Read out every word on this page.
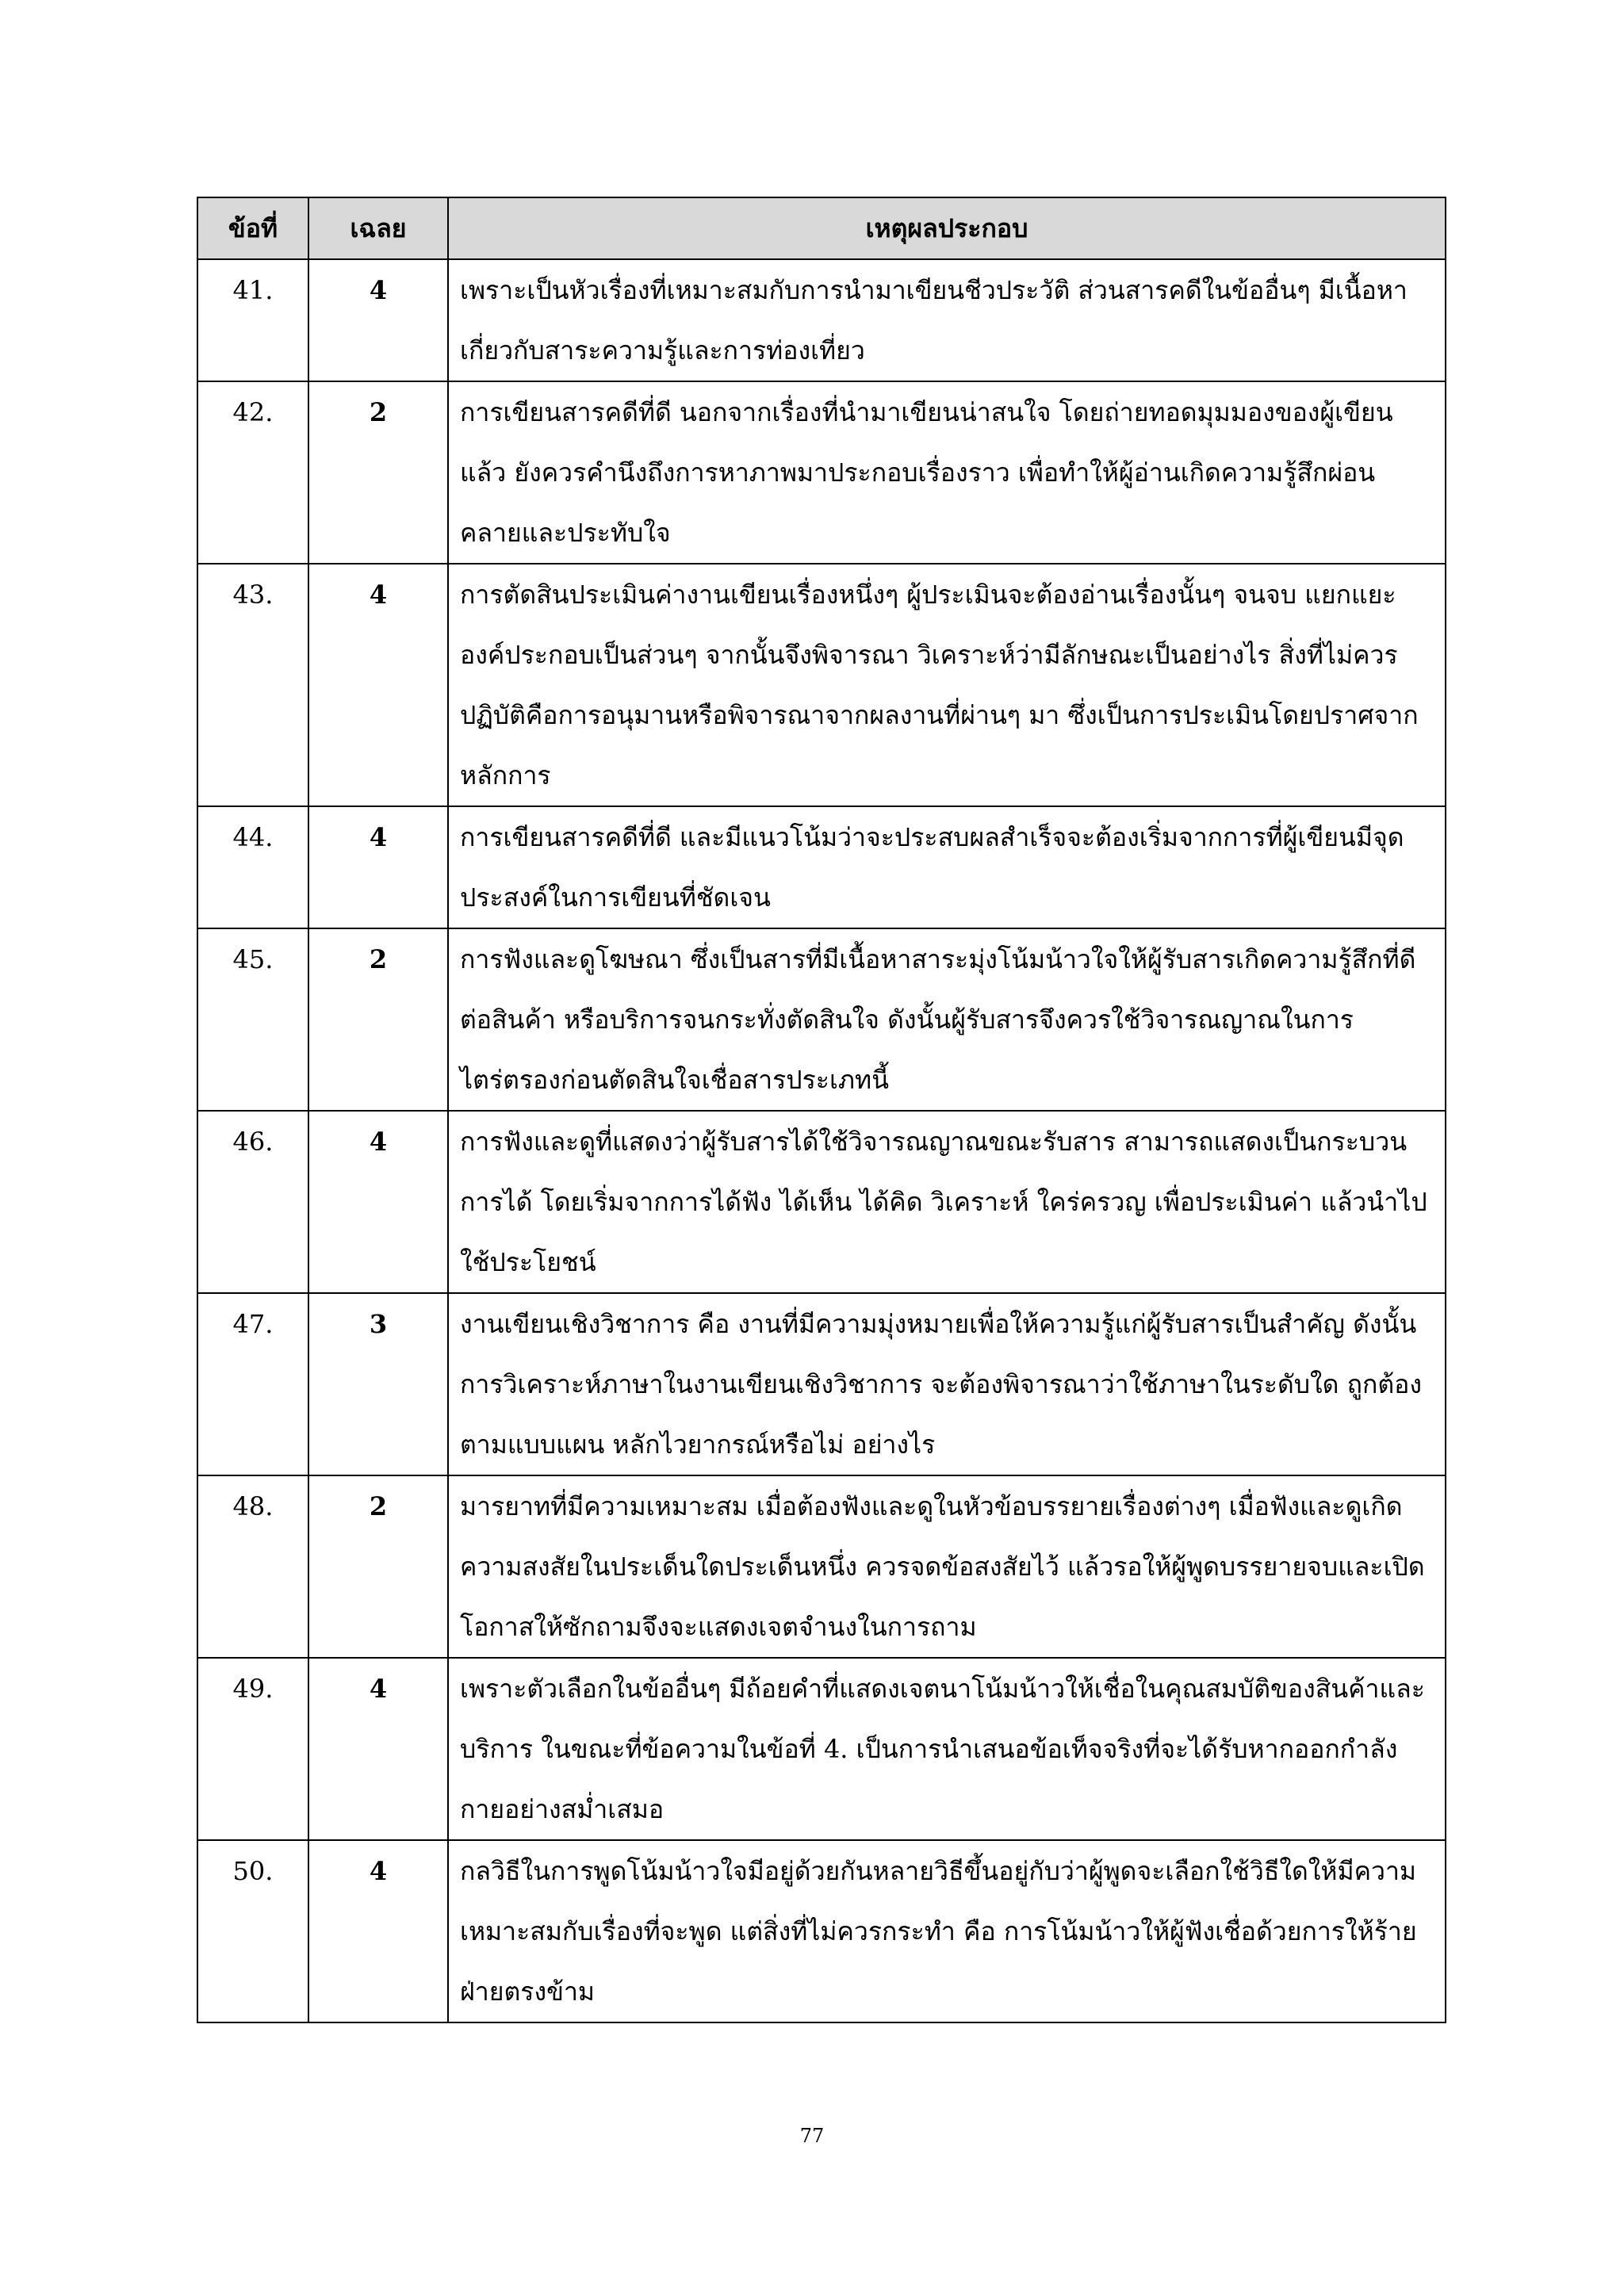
ข้อที่	เฉลย	เหตุผลประกอบ
41.	4	เพราะเป็นหัวเรื่องที่เหมาะสมกับการนำมาเขียนชีวประวัติ ส่วนสารคดีในข้ออื่นๆ มีเนื้อหาเกี่ยวกับสาระความรู้และการท่องเที่ยว
42.	2	การเขียนสารคดีที่ดี นอกจากเรื่องที่นำมาเขียนน่าสนใจ โดยถ่ายทอดมุมมองของผู้เขียนแล้ว ยังควรคำนึงถึงการหาภาพมาประกอบเรื่องราว เพื่อทำให้ผู้อ่านเกิดความรู้สึกผ่อนคลายและประทับใจ
43.	4	การตัดสินประเมินค่างานเขียนเรื่องหนึ่งๆ ผู้ประเมินจะต้องอ่านเรื่องนั้นๆ จนจบ แยกแยะองค์ประกอบเป็นส่วนๆ จากนั้นจึงพิจารณา วิเคราะห์ว่ามีลักษณะเป็นอย่างไร สิ่งที่ไม่ควรปฏิบัติคือการอนุมานหรือพิจารณาจากผลงานที่ผ่านๆ มา ซึ่งเป็นการประเมินโดยปราศจากหลักการ
44.	4	การเขียนสารคดีที่ดี และมีแนวโน้มว่าจะประสบผลสำเร็จจะต้องเริ่มจากการที่ผู้เขียนมีจุดประสงค์ในการเขียนที่ชัดเจน
45.	2	การฟังและดูโฆษณา ซึ่งเป็นสารที่มีเนื้อหาสาระมุ่งโน้มน้าวใจให้ผู้รับสารเกิดความรู้สึกที่ดีต่อสินค้า หรือบริการจนกระทั่งตัดสินใจ ดังนั้นผู้รับสารจึงควรใช้วิจารณญาณในการไตร่ตรองก่อนตัดสินใจเชื่อสารประเภทนี้
46.	4	การฟังและดูที่แสดงว่าผู้รับสารได้ใช้วิจารณญาณขณะรับสาร สามารถแสดงเป็นกระบวนการได้ โดยเริ่มจากการได้ฟัง ได้เห็น ได้คิด วิเคราะห์ ใคร่ครวญ เพื่อประเมินค่า แล้วนำไปใช้ประโยชน์
47.	3	งานเขียนเชิงวิชาการ คือ งานที่มีความมุ่งหมายเพื่อให้ความรู้แก่ผู้รับสารเป็นสำคัญ ดังนั้นการวิเคราะห์ภาษาในงานเขียนเชิงวิชาการ จะต้องพิจารณาว่าใช้ภาษาในระดับใด ถูกต้องตามแบบแผน หลักไวยากรณ์หรือไม่ อย่างไร
48.	2	มารยาทที่มีความเหมาะสม เมื่อต้องฟังและดูในหัวข้อบรรยายเรื่องต่างๆ เมื่อฟังและดูเกิดความสงสัยในประเด็นใดประเด็นหนึ่ง ควรจดข้อสงสัยไว้ แล้วรอให้ผู้พูดบรรยายจบและเปิดโอกาสให้ซักถามจึงจะแสดงเจตจำนงในการถาม
49.	4	เพราะตัวเลือกในข้ออื่นๆ มีถ้อยคำที่แสดงเจตนาโน้มน้าวให้เชื่อในคุณสมบัติของสินค้าและบริการ ในขณะที่ข้อความในข้อที่ 4. เป็นการนำเสนอข้อเท็จจริงที่จะได้รับหากออกกำลังกายอย่างสม่ำเสมอ
50.	4	กลวิธีในการพูดโน้มน้าวใจมีอยู่ด้วยกันหลายวิธีขึ้นอยู่กับว่าผู้พูดจะเลือกใช้วิธีใดให้มีความเหมาะสมกับเรื่องที่จะพูด แต่สิ่งที่ไม่ควรกระทำ คือ การโน้มน้าวให้ผู้ฟังเชื่อด้วยการให้ร้ายฝ่ายตรงข้าม
77
